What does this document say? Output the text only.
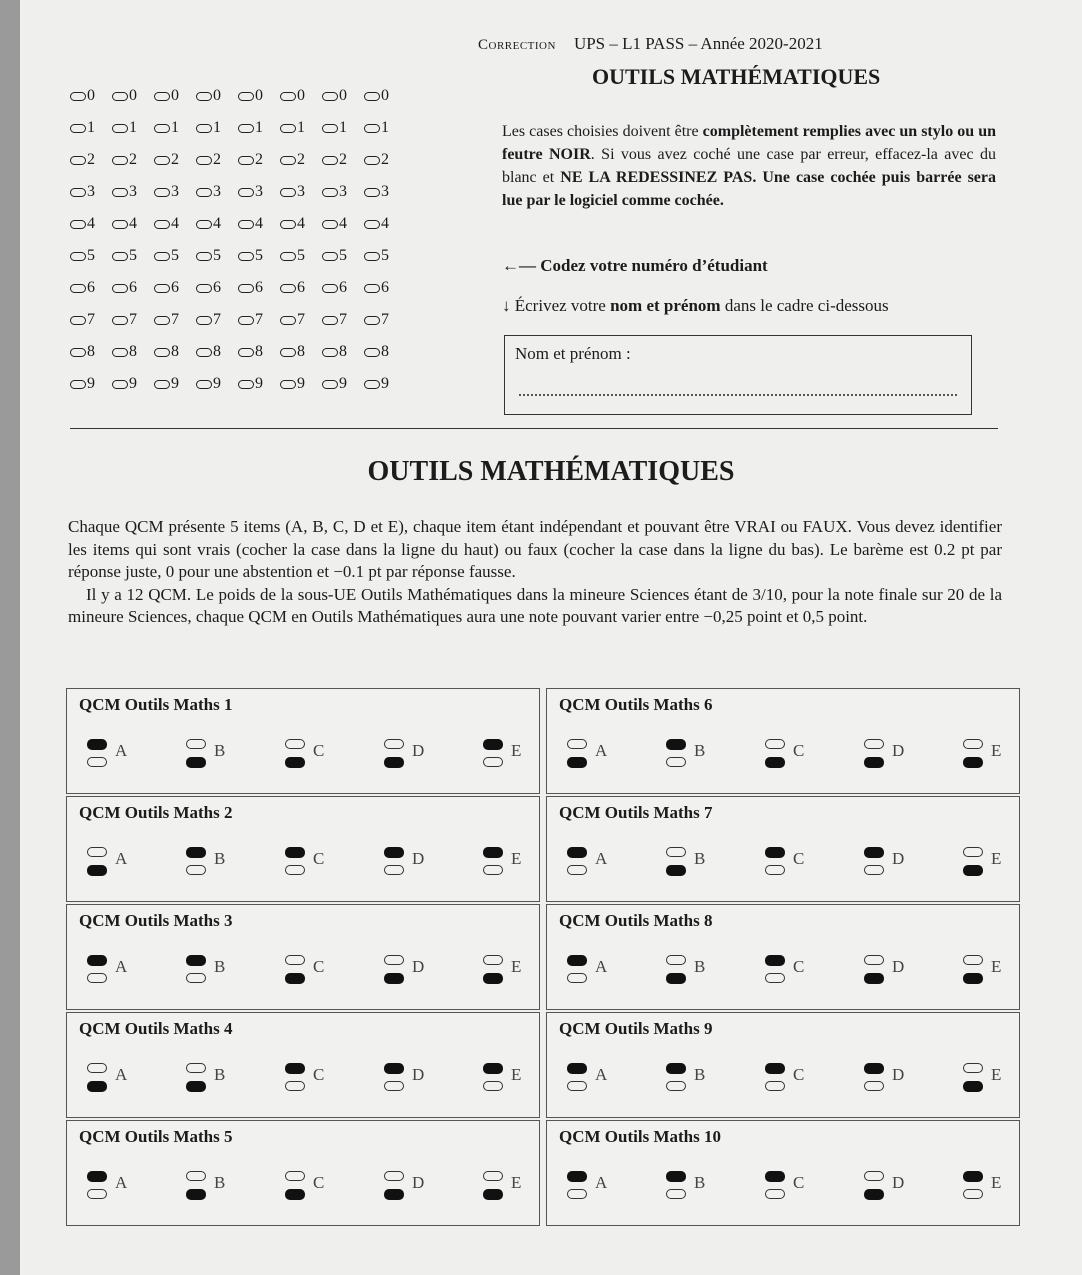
Correction UPS – L1 PASS – Année 2020-2021
OUTILS MATHÉMATIQUES
0 0 0 0 0 0 0 0
1 1 1 1 1 1 1 1
2 2 2 2 2 2 2 2
3 3 3 3 3 3 3 3
4 4 4 4 4 4 4 4
5 5 5 5 5 5 5 5
6 6 6 6 6 6 6 6
7 7 7 7 7 7 7 7
8 8 8 8 8 8 8 8
9 9 9 9 9 9 9 9
Les cases choisies doivent être complètement remplies avec un stylo ou un feutre NOIR. Si vous avez coché une case par erreur, effacez-la avec du blanc et NE LA REDESSINEZ PAS. Une case cochée puis barrée sera lue par le logiciel comme cochée.
←— Codez votre numéro d’étudiant
↓ Écrivez votre nom et prénom dans le cadre ci-dessous
Nom et prénom :
OUTILS MATHÉMATIQUES

Chaque QCM présente 5 items (A, B, C, D et E), chaque item étant indépendant et pouvant être VRAI ou FAUX. Vous devez identifier les items qui sont vrais (cocher la case dans la ligne du haut) ou faux (cocher la case dans la ligne du bas). Le barème est 0.2 pt par réponse juste, 0 pour une abstention et −0.1 pt par réponse fausse.

Il y a 12 QCM. Le poids de la sous-UE Outils Mathématiques dans la mineure Sciences étant de 3/10, pour la note finale sur 20 de la mineure Sciences, chaque QCM en Outils Mathématiques aura une note pouvant varier entre −0,25 point et 0,5 point.

QCM Outils Maths 1
A	B	C	D	E
QCM Outils Maths 6
A	B	C	D	E
QCM Outils Maths 2
A	B	C	D	E
QCM Outils Maths 7
A	B	C	D	E
QCM Outils Maths 3
A	B	C	D	E
QCM Outils Maths 8
A	B	C	D	E
QCM Outils Maths 4
A	B	C	D	E
QCM Outils Maths 9
A	B	C	D	E
QCM Outils Maths 5
A	B	C	D	E
QCM Outils Maths 10
A	B	C	D	E
